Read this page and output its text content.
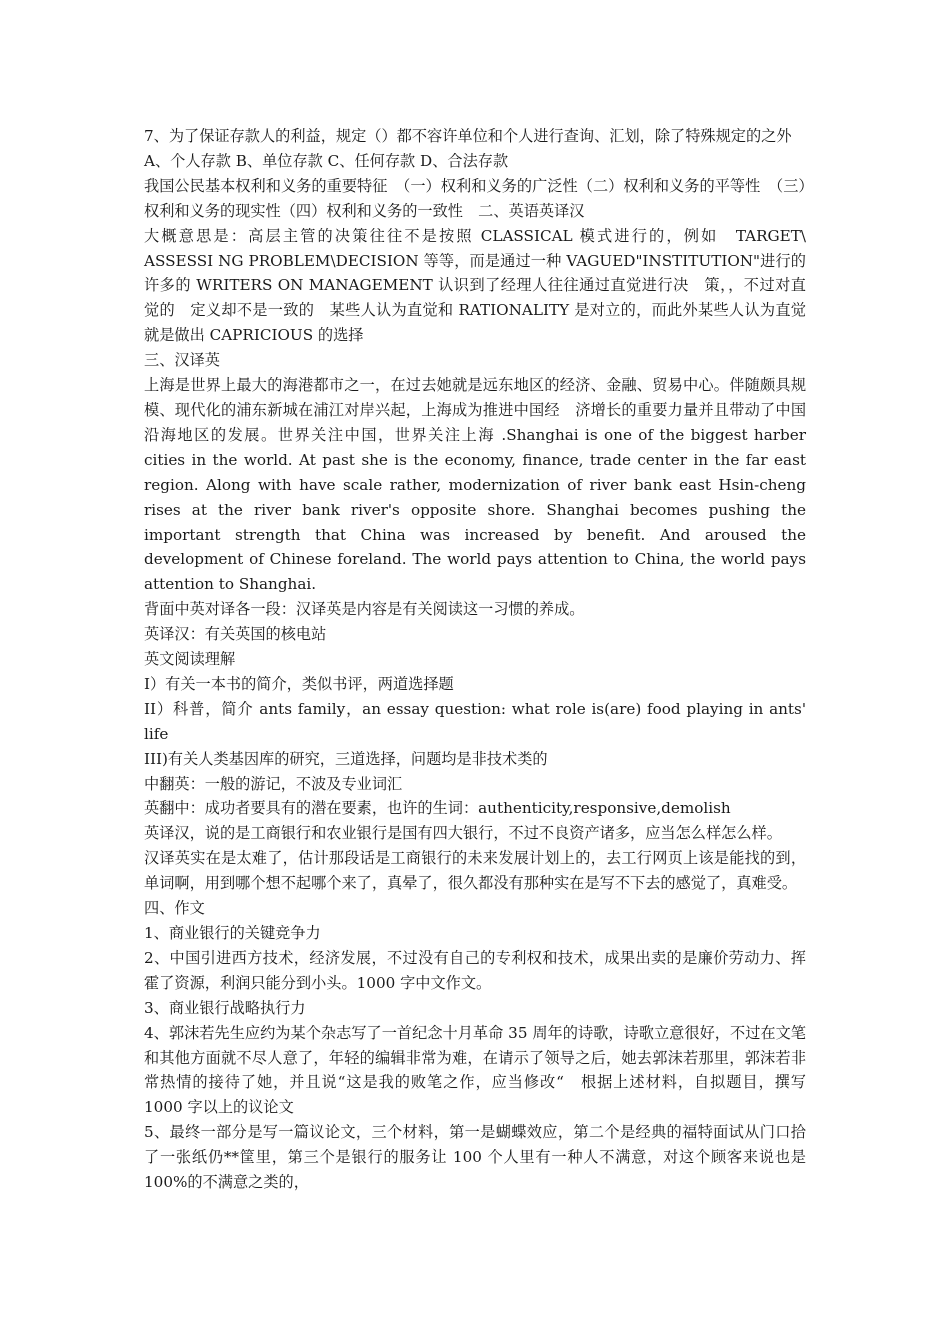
7、为了保证存款人的利益，规定（）都不容许单位和个人进行查询、汇划，除了特殊规定的之外

A、个人存款 B、单位存款 C、任何存款 D、合法存款

我国公民基本权利和义务的重要特征　（一）权利和义务的广泛性（二）权利和义务的平等性　（三）权利和义务的现实性（四）权利和义务的一致性　二、英语英译汉

大概意思是：高层主管的决策往往不是按照 CLASSICAL 模式进行的，例如　TARGET\ ASSESSI NG PROBLEM\DECISION 等等，而是通过一种 VAGUED"INSTITUTION"进行的许多的 WRITERS ON MANAGEMENT 认识到了经理人往往通过直觉进行决　策，，不过对直觉的　定义却不是一致的　某些人认为直觉和 RATIONALITY 是对立的，而此外某些人认为直觉就是做出 CAPRICIOUS 的选择

三、汉译英

上海是世界上最大的海港都市之一，在过去她就是远东地区的经济、金融、贸易中心。伴随颇具规模、现代化的浦东新城在浦江对岸兴起，上海成为推进中国经　济增长的重要力量并且带动了中国沿海地区的发展。世界关注中国，世界关注上海 .Shanghai is one of the biggest harber cities in the world. At past she is the economy, finance, trade center in the far east region. Along with have scale rather, modernization of river bank east Hsin-cheng rises at the river bank river's opposite shore. Shanghai becomes pushing the important strength that China was increased by benefit. And aroused the development of Chinese foreland. The world pays attention to China, the world pays attention to Shanghai.

背面中英对译各一段：汉译英是内容是有关阅读这一习惯的养成。

英译汉：有关英国的核电站

英文阅读理解

I）有关一本书的简介，类似书评，两道选择题

II）科普，简介 ants family，an essay question: what role is(are) food playing in ants' life

III)有关人类基因库的研究，三道选择，问题均是非技术类的

中翻英：一般的游记，不波及专业词汇

英翻中：成功者要具有的潜在要素，也许的生词：authenticity,responsive,demolish

英译汉，说的是工商银行和农业银行是国有四大银行，不过不良资产诸多，应当怎么样怎么样。

汉译英实在是太难了，估计那段话是工商银行的未来发展计划上的，去工行网页上该是能找的到，单词啊，用到哪个想不起哪个来了，真晕了，很久都没有那种实在是写不下去的感觉了，真难受。

四、作文

1、商业银行的关键竞争力

2、中国引进西方技术，经济发展，不过没有自己的专利权和技术，成果出卖的是廉价劳动力、挥霍了资源，利润只能分到小头。1000 字中文作文。

3、商业银行战略执行力

4、郭沫若先生应约为某个杂志写了一首纪念十月革命 35 周年的诗歌，诗歌立意很好，不过在文笔和其他方面就不尽人意了，年轻的编辑非常为难，在请示了领导之后，她去郭沫若那里，郭沫若非常热情的接待了她，并且说“这是我的败笔之作，应当修改“　根据上述材料，自拟题目，撰写 1000 字以上的议论文

5、最终一部分是写一篇议论文，三个材料，第一是蝴蝶效应，第二个是经典的福特面试从门口拾了一张纸仍**筐里，第三个是银行的服务让 100 个人里有一种人不满意，对这个顾客来说也是 100%的不满意之类的，
